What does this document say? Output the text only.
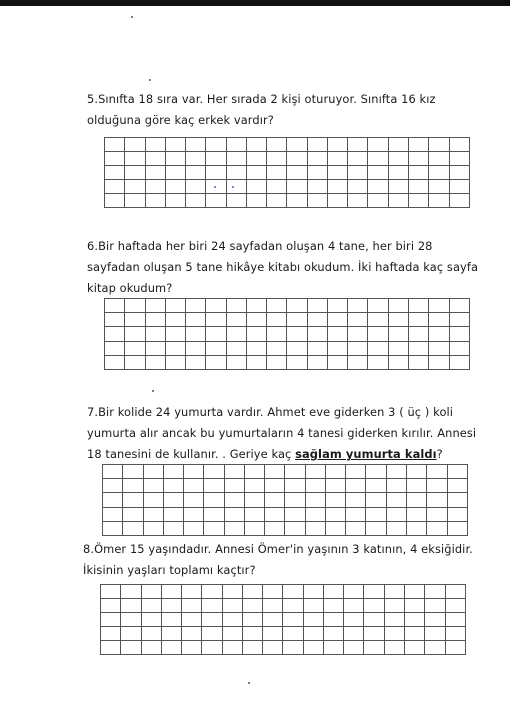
5.Sınıfta 18 sıra var. Her sırada 2 kişi oturuyor. Sınıfta 16 kız
olduğuna göre kaç erkek vardır?

6.Bir haftada her biri 24 sayfadan oluşan 4 tane, her biri 28
sayfadan oluşan 5 tane hikâye kitabı okudum. İki haftada kaç sayfa
kitap okudum?

7.Bir kolide 24 yumurta vardır. Ahmet eve giderken 3 ( üç ) koli
yumurta alır ancak bu yumurtaların 4 tanesi giderken kırılır. Annesi
18 tanesini de kullanır. . Geriye kaç sağlam yumurta kaldı?

8.Ömer 15 yaşındadır. Annesi Ömer'in yaşının 3 katının, 4 eksiğidir.
İkisinin yaşları toplamı kaçtır?
